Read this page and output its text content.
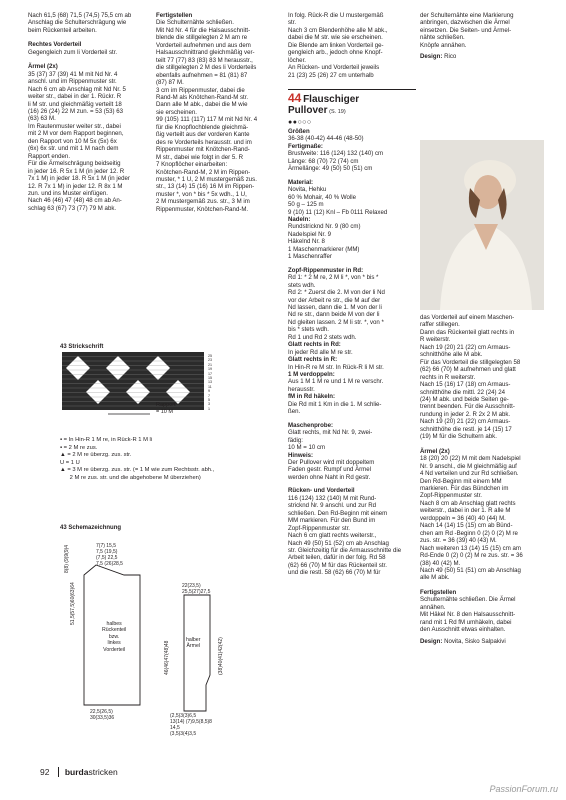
Nach 61,5 (68) 71,5 (74,5) 75,5 cm ab
Anschlag die Schulterschrägung wie
beim Rückenteil arbeiten.
Rechtes Vorderteil
Gegengleich zum li Vorderteil str.
Ärmel (2x)
35 (37) 37 (39) 41 M mit Nd Nr. 4
anschl. und im Rippenmuster str.
Nach 6 cm ab Anschlag mit Nd Nr. 5
weiter str., dabei in der 1. Rückr. R
li M str. und gleichmäßig verteilt 18
(16) 26 (24) 22 M zun. = 53 (53) 63
(63) 63 M.
Im Rautenmuster weiter str., dabei
mit 2 M vor dem Rapport beginnen,
den Rapport von 10 M 5x (5x) 6x
(6x) 6x str. und mit 1 M nach dem
Rapport enden.
Für die Ärmelschrägung beidseitig
in jeder 16. R 5x 1 M (in jeder 12. R
7x 1 M) in jeder 18. R 5x 1 M (in jeder
12. R 7x 1 M) in jeder 12. R 8x 1 M
zun. und ins Muster einfügen.
Nach 46 (46) 47 (48) 48 cm ab An-
schlag 63 (67) 73 (77) 79 M abk.
Fertigstellen
Die Schulternähte schließen.
Mit Nd Nr. 4 für die Halsausschnitt-
blende die stillgelegten 2 M am re
Vorderteil aufnehmen und aus dem
Halsausschnittrand gleichmäßig ver-
teilt 77 (77) 83 (83) 83 M herausstr.,
die stillgelegten 2 M des li Vorderteils
ebenfalls aufnehmen = 81 (81) 87
(87) 87 M.
3 cm im Rippenmuster, dabei die
Rand-M als Knötchen-Rand-M str.
Dann alle M abk., dabei die M wie
sie erscheinen.
99 (105) 111 (117) 117 M mit Nd Nr. 4
für die Knopflochblende gleichmä-
ßig verteilt aus der vorderen Kante
des re Vorderteils herausstr. und im
Rippenmuster mit Knötchen-Rand-
M str., dabei wie folgt in der 5. R
7 Knopflöcher einarbeiten:
Knötchen-Rand-M, 2 M im Rippen-
muster, * 1 U, 2 M mustergemäß zus.
str., 13 (14) 15 (16) 16 M im Rippen-
muster *, von * bis * 5x wdh., 1 U,
2 M mustergemäß zus. str., 3 M im
Rippenmuster, Knötchen-Rand-M.
In folg. Rück-R die U mustergemäß
str.
Nach 3 cm Blendenhöhe alle M abk.,
dabei die M str. wie sie erscheinen.
Die Blende am linken Vorderteil ge-
gengleich arb., jedoch ohne Knopf-
löcher.
An Rücken- und Vorderteil jeweils
21 (23) 25 (26) 27 cm unterhalb
44 Flauschiger
Pullover (S. 19)
●●○○○
Größen
36-38 (40-42) 44-46 (48-50)
Fertigmaße:
Brustweite: 116 (124) 132 (140) cm
Länge: 68 (70) 72 (74) cm
Ärmellänge: 49 (50) 50 (51) cm
Material:
Novita, Hehku
60 % Mohair, 40 % Wolle
50 g – 125 m
9 (10) 11 (12) Knl – Fb 0111 Relaxed
Nadeln:
Rundstricknd Nr. 9 (80 cm)
Nadelspiel Nr. 9
Häkelnd Nr. 8
1 Maschenmarkierer (MM)
1 Maschenraffer
Zopf-Rippenmuster in Rd:
Rd 1: * 2 M re, 2 M li *, von * bis *
stets wdh.
Rd 2: * Zuerst die 2. M von der li Nd
vor der Arbeit re str., die M auf der
Nd lassen, dann die 1. M von der li
Nd re str., dann beide M von der li
Nd gleiten lassen. 2 M li str. *, von *
bis * stets wdh.
Rd 1 und Rd 2 stets wdh.
Glatt rechts in Rd:
In jeder Rd alle M re str.
Glatt rechts in R:
In Hin-R re M str. In Rück-R li M str.
1 M verdoppeln:
Aus 1 M 1 M re und 1 M re verschr.
herausstr.
fM in Rd häkeln:
Die Rd mit 1 Km in die 1. M schlie-
ßen.
Maschenprobe:
Glatt rechts, mit Nd Nr. 9, zwei-
fädig:
10 M = 10 cm
Hinweis:
Der Pullover wird mit doppeltem
Faden gestr. Rumpf und Ärmel
werden ohne Naht in Rd gestr.
Rücken- und Vorderteil
116 (124) 132 (140) M mit Rund-
stricknd Nr. 9 anschl. und zur Rd
schließen. Den Rd-Beginn mit einem
MM markieren. Für den Bund im
Zopf-Rippenmuster str.
Nach 6 cm glatt rechts weiterstr.,
Nach 49 (50) 51 (52) cm ab Anschlag
str. Gleichzeitig für die Armausschnitte die
Arbeit teilen, dafür in der folg. Rd 58
(62) 66 (70) M für das Rückenteil str.
und die restl. 58 (62) 66 (70) M für
der Schulternähte eine Markierung
anbringen, dazwischen die Ärmel
einsetzen. Die Seiten- und Ärmel-
nähte schließen.
Knöpfe annähen.
Design: Rico
das Vorderteil auf einem Maschen-
raffer stillegen.
Dann das Rückenteil glatt rechts in
R weiterstr.
Nach 19 (20) 21 (22) cm Armaus-
schnitthöhe alle M abk.
Für das Vorderteil die stillgelegten 58
(62) 66 (70) M aufnehmen und glatt
rechts in R weiterstr.
Nach 15 (16) 17 (18) cm Armaus-
schnitthöhe die mittl. 22 (24) 24
(24) M abk. und beide Seiten ge-
trennt beenden. Für die Ausschnitt-
rundung in jeder 2. R 2x 2 M abk.
Nach 19 (20) 21 (22) cm Armaus-
schnitthöhe die restl. je 14 (15) 17
(19) M für die Schultern abk.
Ärmel (2x)
18 (20) 20 (22) M mit dem Nadelspiel
Nr. 9 anschl., die M gleichmäßig auf
4 Nd verteilen und zur Rd schließen.
Den Rd-Beginn mit einem MM
markieren. Für das Bündchen im
Zopf-Rippenmuster str.
Nach 8 cm ab Anschlag glatt rechts
weiterstr., dabei in der 1. R alle M
verdoppeln = 36 (40) 40 (44) M.
Nach 14 (14) 15 (15) cm ab Bünd-
chen am Rd -Beginn 0 (2) 0 (2) M re
zus. str. = 36 (39) 40 (43) M.
Nach weiteren 13 (14) 15 (15) cm am
Rd-Ende 0 (2) 0 (2) M re zus. str. = 36
(38) 40 (42) M.
Nach 49 (50) 51 (51) cm ab Anschlag
alle M abk.
Fertigstellen
Schulternähte schließen. Die Ärmel
annähen.
Mit Häkel Nr. 8 den Halsausschnitt-
rand mit 1 Rd fM umhäkeln, dabei
den Ausschnitt etwas einhalten.
Design: Novita, Sisko Salpakivi
43 Strickschrift
Rapport
= 10 M
25
23
21
19
17
15
13
11
9
7
5
3
1
▪ = In Hin-R 1 M re, in Rück-R 1 M li
▪ = 2 M re zus.
▲ = 2 M re überzg. zus. str.
U = 1 U
▲ = 3 M re überzg. zus. str. (= 1 M wie zum Rechtsstr. abh.,
2 M re zus. str. und die abgehobene M überziehen)
43 Schemazeichnung
7(7) 15,5
7,5 (19,5)
(7,5) 22,5
7,5 (26)28,5
halbes
Rückenteil
bzw.
linkes
Vorderteil
halber
Ärmel
22,5(26,5)
30(33,5)36
22(23,5)
25,5(27)27,5
(2,5)3(3)6,5
13(14) (7)9,5(8,5)8
14,5
(3,5)3(4)3,5
51,5(57,5)60(63)64
8(8) (9)9(9)4
46(46)47(48)48	(38)40(41)42(42)
92 burdastricken
PassionForum.ru
